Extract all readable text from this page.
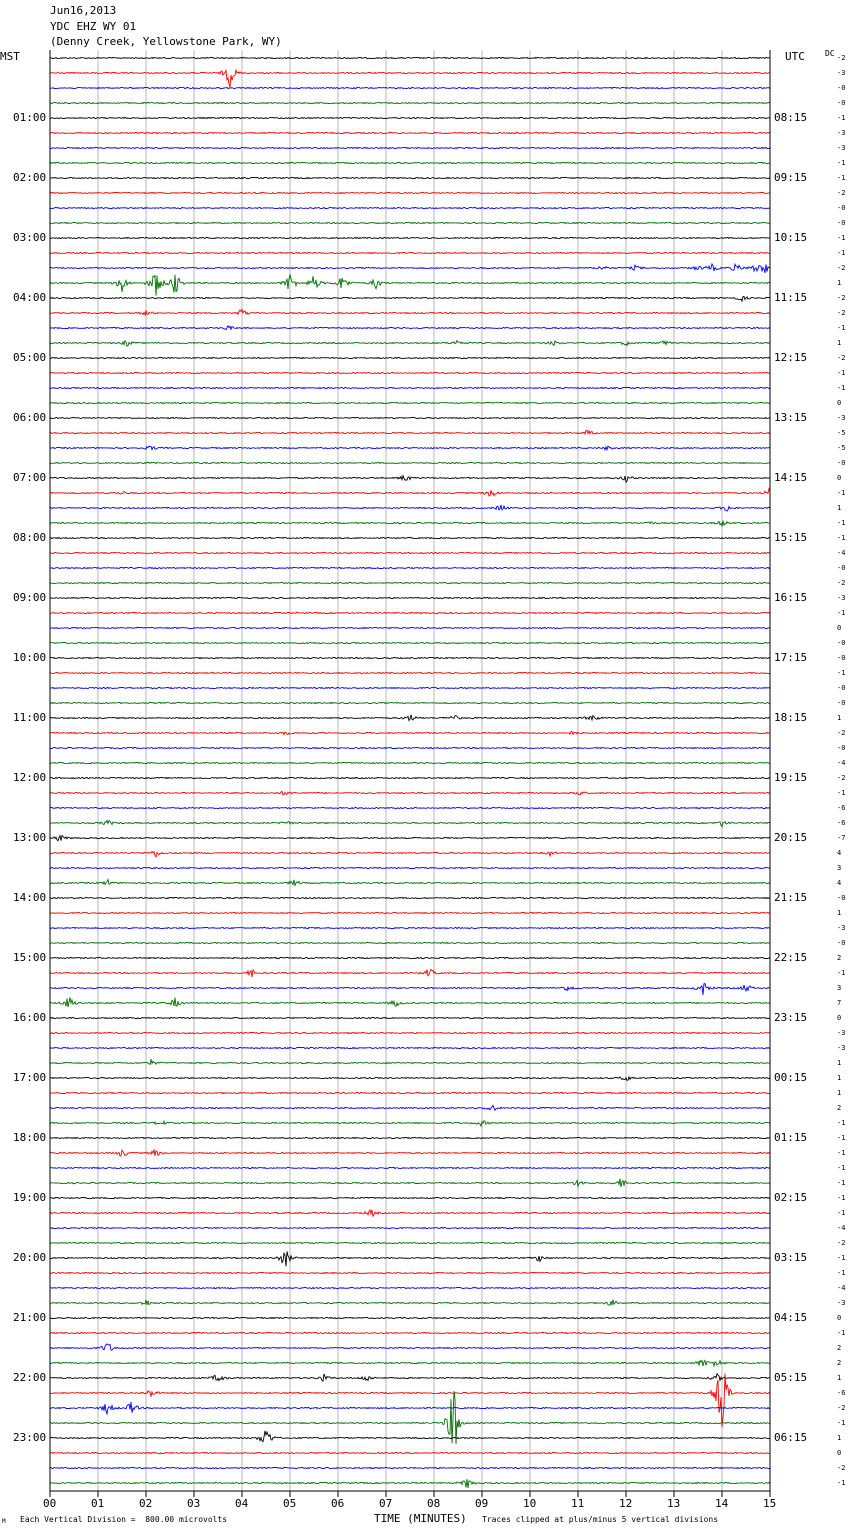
Jun16,2013
YDC EHZ WY 01
(Denny Creek, Yellowstone Park, WY)
MST	UTC	DC
00	01	02	03	04	05	06	07	08	09	10	11	12	13	14	15
-2
-3
-0
-0
-1
-3
-3
-1
-1
-2
-0
-0
-1
-1
-2
1
-2
-2
-1
1
-2
-1
-1
0
-3
-5
-5
-0
0
-1
1
-1
-1
-4
-0
-2
-3
-1
0
-0
-0
-1
-0
-0
1
-2
-0
-4
-2
-1
-6
-6
-7
4
3
4
-0
1
-3
-0
2
-1
3
7
0
-3
-3
1
1
1
2
-1
-1
-1
-1
-1
-1
-1
-4
-2
-1
-1
-4
-3
0
-1
2
2
1
-6
-2
-1
1
0
-2
-1
01:00	08:15
02:00	09:15
03:00	10:15
04:00	11:15
05:00	12:15
06:00	13:15
07:00	14:15
08:00	15:15
09:00	16:15
10:00	17:15
11:00	18:15
12:00	19:15
13:00	20:15
14:00	21:15
15:00	22:15
16:00	23:15
17:00	00:15
18:00	01:15
19:00	02:15
20:00	03:15
21:00	04:15
22:00	05:15
23:00	06:15
M Each Vertical Division =  800.00 microvolts	TIME (MINUTES) Traces clipped at plus/minus 5 vertical divisions
